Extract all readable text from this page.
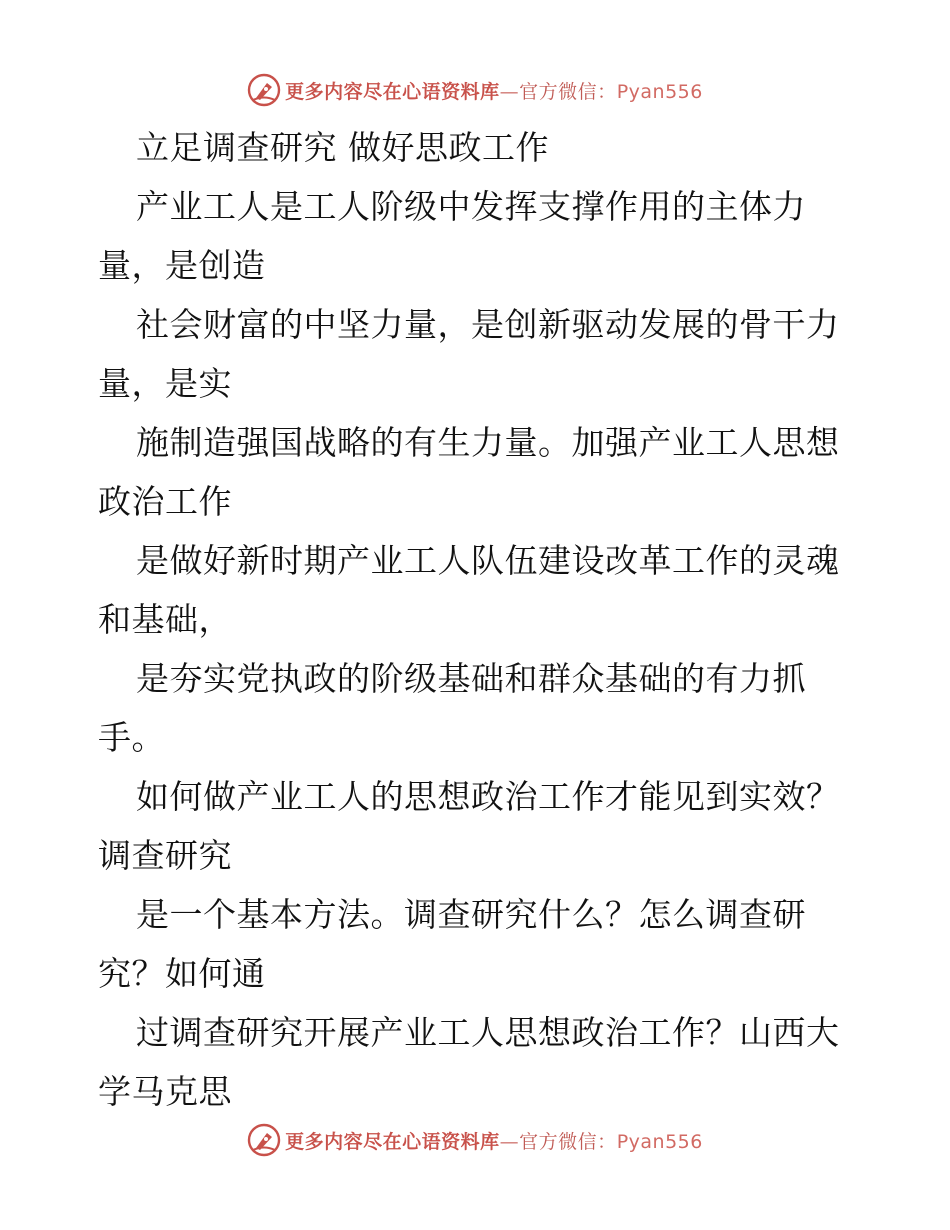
更多内容尽在心语资料库—官方微信：Pyan556
立足调查研究 做好思政工作
产业工人是工人阶级中发挥支撑作用的主体力
量，是创造
社会财富的中坚力量，是创新驱动发展的骨干力
量，是实
施制造强国战略的有生力量。加强产业工人思想
政治工作
是做好新时期产业工人队伍建设改革工作的灵魂
和基础，
是夯实党执政的阶级基础和群众基础的有力抓
手。
如何做产业工人的思想政治工作才能见到实效？
调查研究
是一个基本方法。调查研究什么？怎么调查研
究？如何通
过调查研究开展产业工人思想政治工作？山西大
学马克思
更多内容尽在心语资料库—官方微信：Pyan556
